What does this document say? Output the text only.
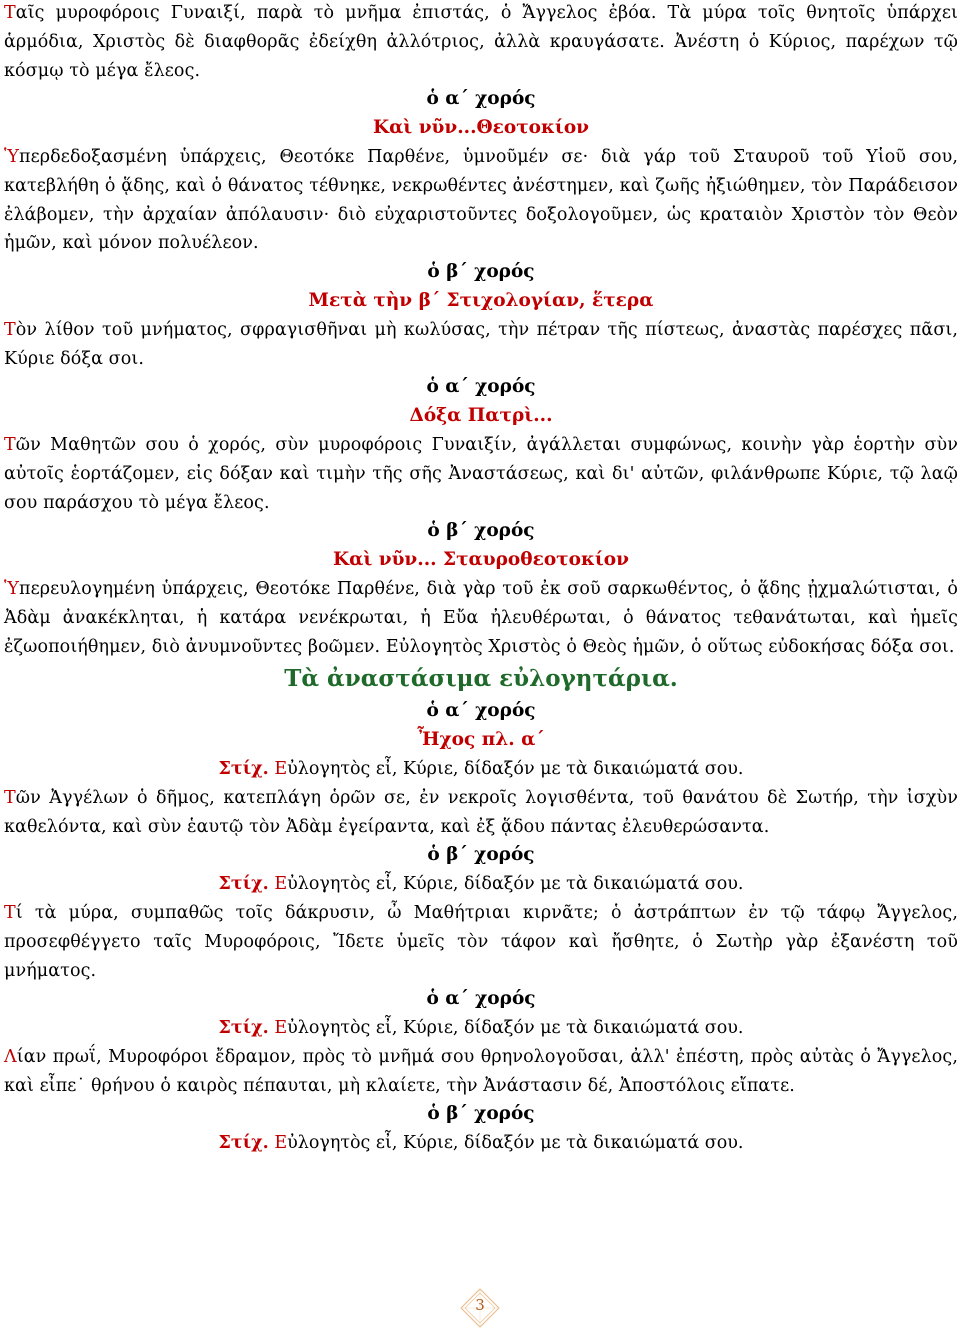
Ταῖς μυροφόροις Γυναιξί, παρὰ τὸ μνῆμα ἐπιστάς, ὁ Ἄγγελος ἐβόα. Τὰ μύρα τοῖς θνητοῖς ὑπάρχει ἁρμόδια, Χριστὸς δὲ διαφθορᾶς ἐδείχθη ἀλλότριος, ἀλλὰ κραυγάσατε. Ἀνέστη ὁ Κύριος, παρέχων τῷ κόσμῳ τὸ μέγα ἔλεος.

ὁ α΄ χορός
Καὶ νῦν...Θεοτοκίον

Ὑπερδεδοξασμένη ὑπάρχεις, Θεοτόκε Παρθένε, ὑμνοῦμέν σε· διὰ γάρ τοῦ Σταυροῦ τοῦ Υἱοῦ σου, κατεβλήθη ὁ ᾅδης, καὶ ὁ θάνατος τέθνηκε, νεκρωθέντες ἀνέστημεν, καὶ ζωῆς ἠξιώθημεν, τὸν Παράδεισον ἐλάβομεν, τὴν ἀρχαίαν ἀπόλαυσιν· διὸ εὐχαριστοῦντες δοξολογοῦμεν, ὡς κραταιὸν Χριστὸν τὸν Θεὸν ἡμῶν, καὶ μόνον πολυέλεον.

ὁ β΄ χορός
Μετὰ τὴν β΄ Στιχολογίαν, ἕτερα

Τὸν λίθον τοῦ μνήματος, σφραγισθῆναι μὴ κωλύσας, τὴν πέτραν τῆς πίστεως, ἀναστὰς παρέσχες πᾶσι, Κύριε δόξα σοι.

ὁ α΄ χορός
Δόξα Πατρὶ...

Τῶν Μαθητῶν σου ὁ χορός, σὺν μυροφόροις Γυναιξίν, ἀγάλλεται συμφώνως, κοινὴν γὰρ ἑορτὴν σὺν αὐτοῖς ἑορτάζομεν, εἰς δόξαν καὶ τιμὴν τῆς σῆς Ἀναστάσεως, καὶ δι' αὐτῶν, φιλάνθρωπε Κύριε, τῷ λαῷ σου παράσχου τὸ μέγα ἔλεος.

ὁ β΄ χορός
Καὶ νῦν... Σταυροθεοτοκίον

Ὑπερευλογημένη ὑπάρχεις, Θεοτόκε Παρθένε, διὰ γὰρ τοῦ ἐκ σοῦ σαρκωθέντος, ὁ ᾅδης ᾐχμαλώτισται, ὁ Ἀδὰμ ἀνακέκληται, ἡ κατάρα νενέκρωται, ἡ Εὔα ἠλευθέρωται, ὁ θάνατος τεθανάτωται, καὶ ἡμεῖς ἐζωοποιήθημεν, διὸ ἀνυμνοῦντες βοῶμεν. Εὐλογητὸς Χριστὸς ὁ Θεὸς ἡμῶν, ὁ οὕτως εὐδοκήσας δόξα σοι.

Τὰ ἀναστάσιμα εὐλογητάρια.
ὁ α΄ χορός
Ἦχος πλ. α΄

Στίχ. Εὐλογητὸς εἶ, Κύριε, δίδαξόν με τὰ δικαιώματά σου.

Τῶν Ἀγγέλων ὁ δῆμος, κατεπλάγη ὁρῶν σε, ἐν νεκροῖς λογισθέντα, τοῦ θανάτου δὲ Σωτήρ, τὴν ἰσχὺν καθελόντα, καὶ σὺν ἑαυτῷ τὸν Ἀδὰμ ἐγείραντα, καὶ ἐξ ᾅδου πάντας ἐλευθερώσαντα.

ὁ β΄ χορός

Στίχ. Εὐλογητὸς εἶ, Κύριε, δίδαξόν με τὰ δικαιώματά σου.

Τί τὰ μύρα, συμπαθῶς τοῖς δάκρυσιν, ὦ Μαθήτριαι κιρνᾶτε; ὁ ἀστράπτων ἐν τῷ τάφῳ Ἄγγελος, προσεφθέγγετο ταῖς Μυροφόροις, Ἴδετε ὑμεῖς τὸν τάφον καὶ ἤσθητε, ὁ Σωτὴρ γὰρ ἐξανέστη τοῦ μνήματος.

ὁ α΄ χορός

Στίχ. Εὐλογητὸς εἶ, Κύριε, δίδαξόν με τὰ δικαιώματά σου.

Λίαν πρωΐ, Μυροφόροι ἔδραμον, πρὸς τὸ μνῆμά σου θρηνολογοῦσαι, ἀλλ' ἐπέστη, πρὸς αὐτὰς ὁ Ἄγγελος, καὶ εἶπε˙ θρήνου ὁ καιρὸς πέπαυται, μὴ κλαίετε, τὴν Ἀνάστασιν δέ, Ἀποστόλοις εἴπατε.

ὁ β΄ χορός

Στίχ. Εὐλογητὸς εἶ, Κύριε, δίδαξόν με τὰ δικαιώματά σου.

3
